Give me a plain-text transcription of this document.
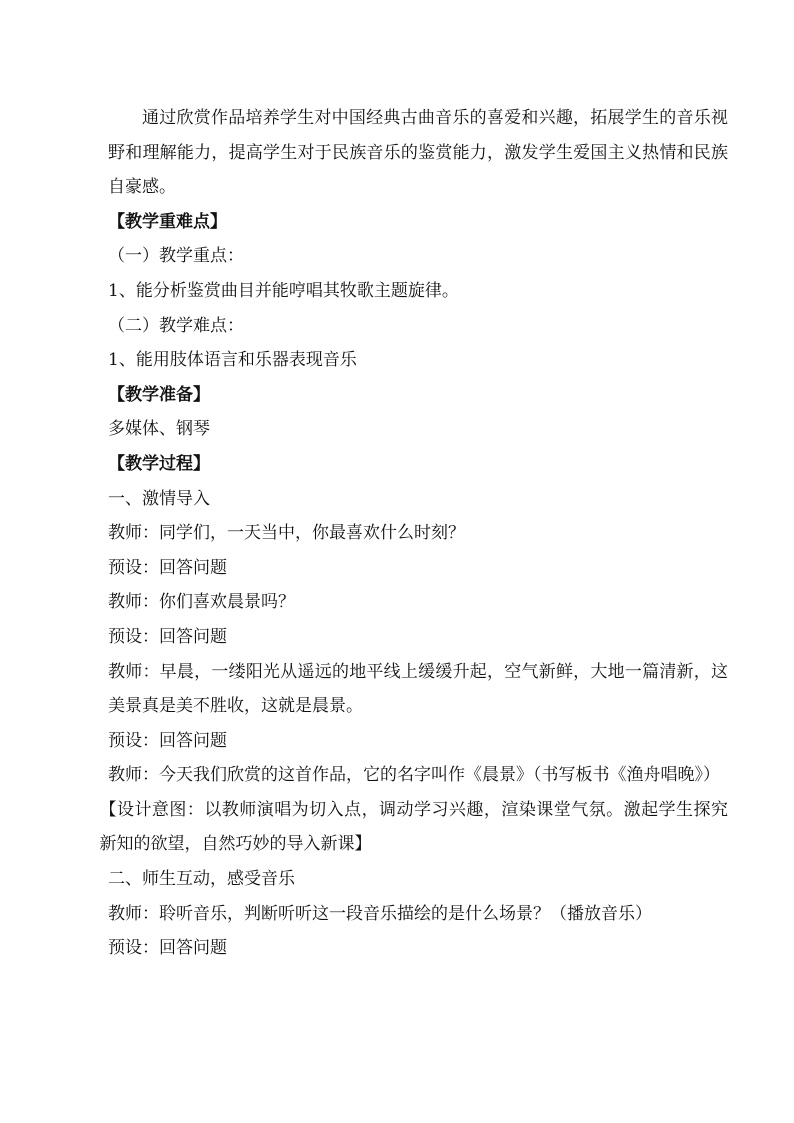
通过欣赏作品培养学生对中国经典古曲音乐的喜爱和兴趣，拓展学生的音乐视野和理解能力，提高学生对于民族音乐的鉴赏能力，激发学生爱国主义热情和民族自豪感。

【教学重难点】

（一）教学重点：

1、能分析鉴赏曲目并能哼唱其牧歌主题旋律。

（二）教学难点：

1、能用肢体语言和乐器表现音乐

【教学准备】

多媒体、钢琴

【教学过程】

一、激情导入

教师：同学们，一天当中，你最喜欢什么时刻？

预设：回答问题

教师：你们喜欢晨景吗？

预设：回答问题

教师：早晨，一缕阳光从遥远的地平线上缓缓升起，空气新鲜，大地一篇清新，这美景真是美不胜收，这就是晨景。

预设：回答问题

教师：今天我们欣赏的这首作品，它的名字叫作《晨景》（书写板书《渔舟唱晚》）

【设计意图：以教师演唱为切入点，调动学习兴趣，渲染课堂气氛。激起学生探究新知的欲望，自然巧妙的导入新课】

二、师生互动，感受音乐

教师：聆听音乐，判断听听这一段音乐描绘的是什么场景？（播放音乐）

预设：回答问题
